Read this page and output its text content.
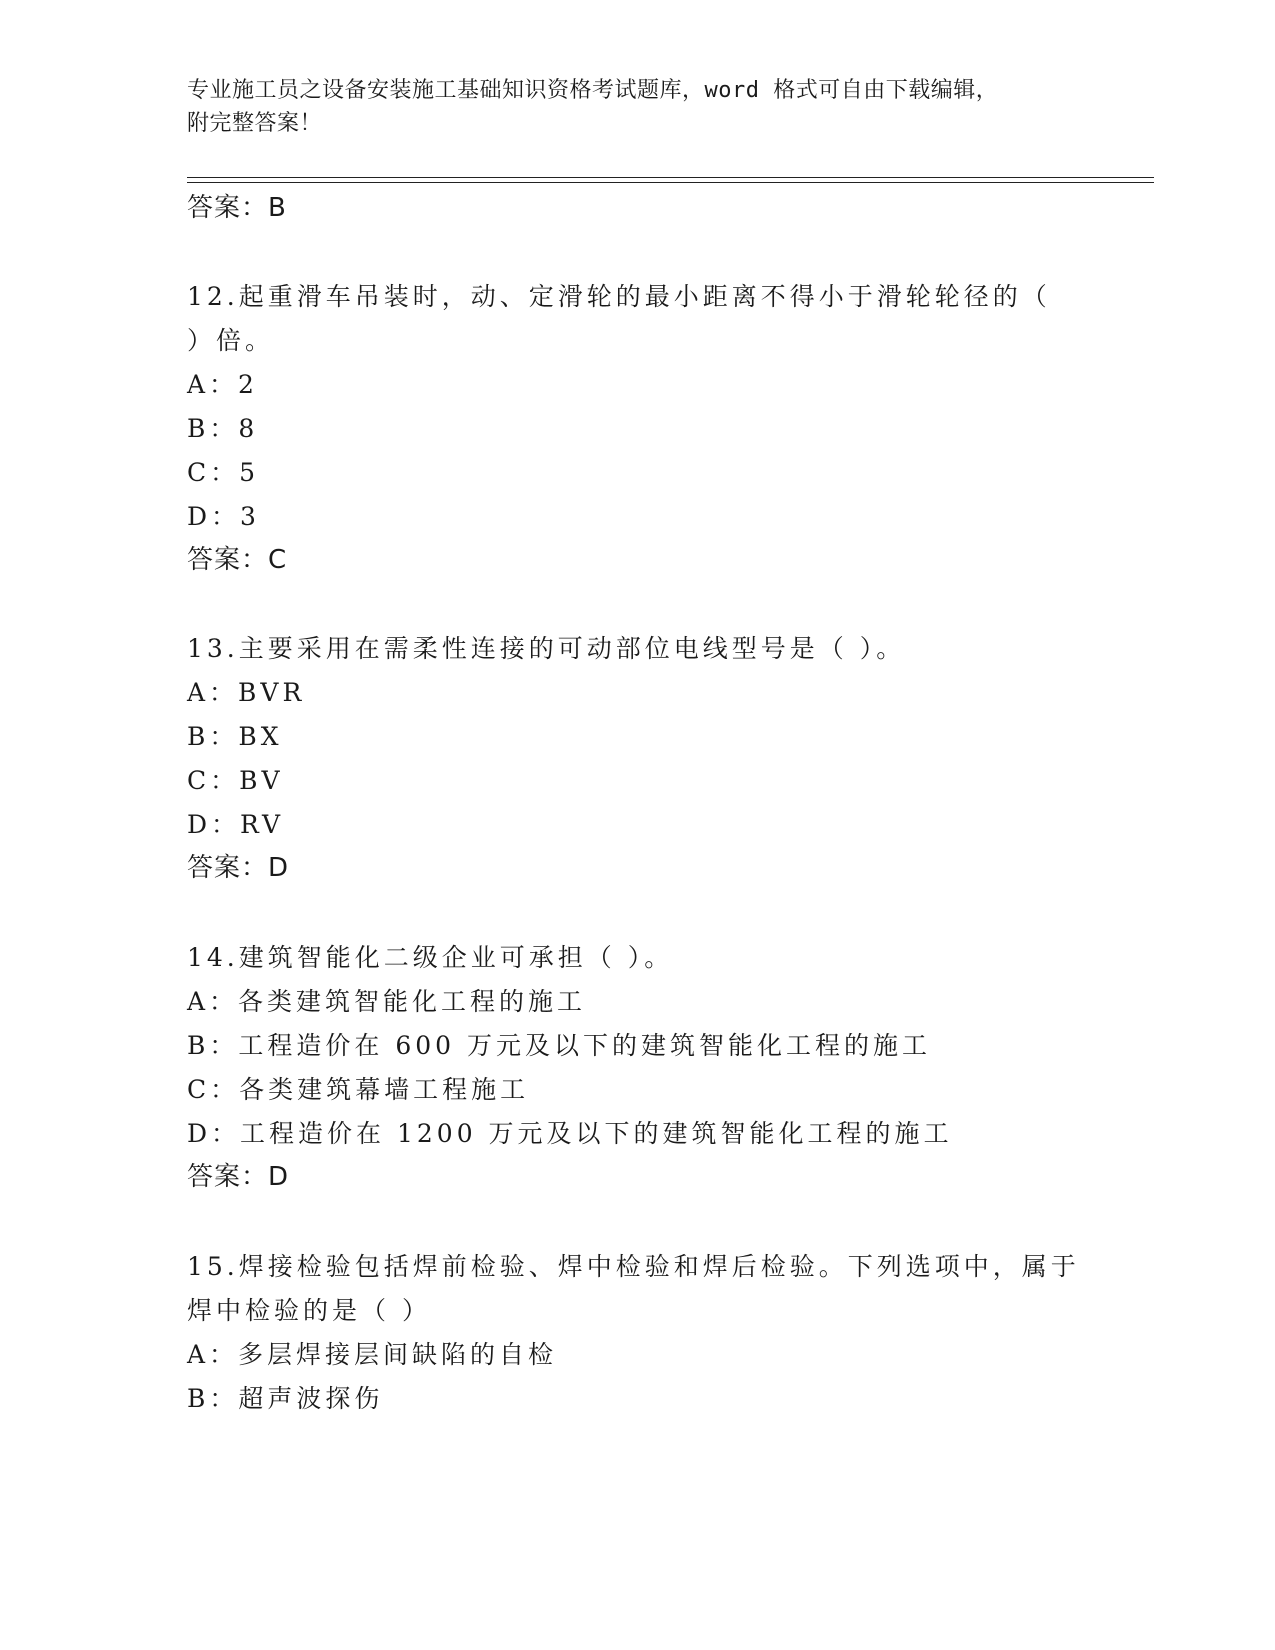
专业施工员之设备安装施工基础知识资格考试题库，word 格式可自由下载编辑，
附完整答案！
答案：B
12.起重滑车吊装时，动、定滑轮的最小距离不得小于滑轮轮径的（
）倍。
A：2
B：8
C：5
D：3
答案：C
13.主要采用在需柔性连接的可动部位电线型号是（ ）。
A：BVR
B：BX
C：BV
D：RV
答案：D
14.建筑智能化二级企业可承担（ ）。
A：各类建筑智能化工程的施工
B：工程造价在 600 万元及以下的建筑智能化工程的施工
C：各类建筑幕墙工程施工
D：工程造价在 1200 万元及以下的建筑智能化工程的施工
答案：D
15.焊接检验包括焊前检验、焊中检验和焊后检验。下列选项中，属于
焊中检验的是（ ）
A：多层焊接层间缺陷的自检
B：超声波探伤
